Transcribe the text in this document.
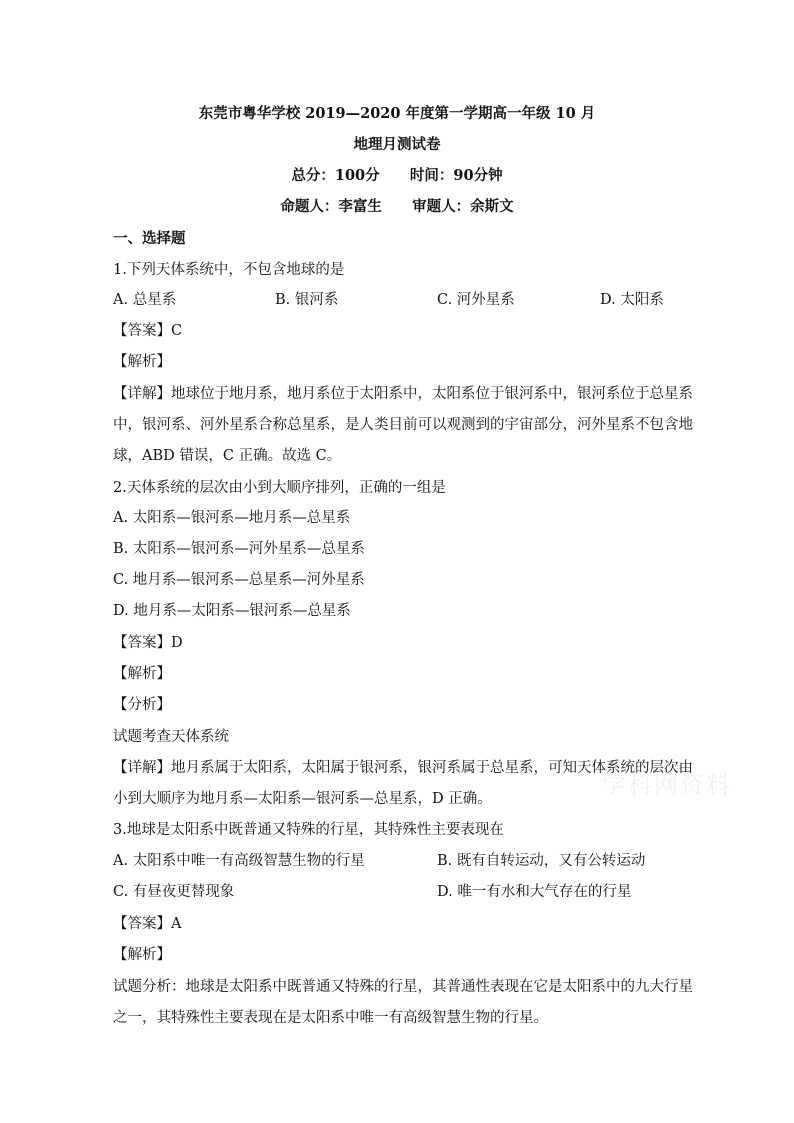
东莞市粤华学校 2019—2020 年度第一学期高一年级 10 月
地理月测试卷
总分：100分      时间：90分钟
命题人：李富生      审题人：余斯文
一、选择题
1.下列天体系统中，不包含地球的是
A. 总星系	B. 银河系	C. 河外星系	D. 太阳系
【答案】C
【解析】
【详解】地球位于地月系，地月系位于太阳系中，太阳系位于银河系中，银河系位于总星系
中，银河系、河外星系合称总星系，是人类目前可以观测到的宇宙部分，河外星系不包含地
球，ABD 错误，C 正确。故选 C。
2.天体系统的层次由小到大顺序排列，正确的一组是
A. 太阳系—银河系—地月系—总星系
B. 太阳系—银河系—河外星系—总星系
C. 地月系—银河系—总星系—河外星系
D. 地月系—太阳系—银河系—总星系
【答案】D
【解析】
【分析】
试题考查天体系统
【详解】地月系属于太阳系，太阳属于银河系，银河系属于总星系，可知天体系统的层次由
小到大顺序为地月系—太阳系—银河系—总星系，D 正确。
3.地球是太阳系中既普通又特殊的行星，其特殊性主要表现在
A. 太阳系中唯一有高级智慧生物的行星	B. 既有自转运动，又有公转运动
C. 有昼夜更替现象	D. 唯一有水和大气存在的行星
【答案】A
【解析】
试题分析：地球是太阳系中既普通又特殊的行星，其普通性表现在它是太阳系中的九大行星
之一，其特殊性主要表现在是太阳系中唯一有高级智慧生物的行星。
学科网资料
